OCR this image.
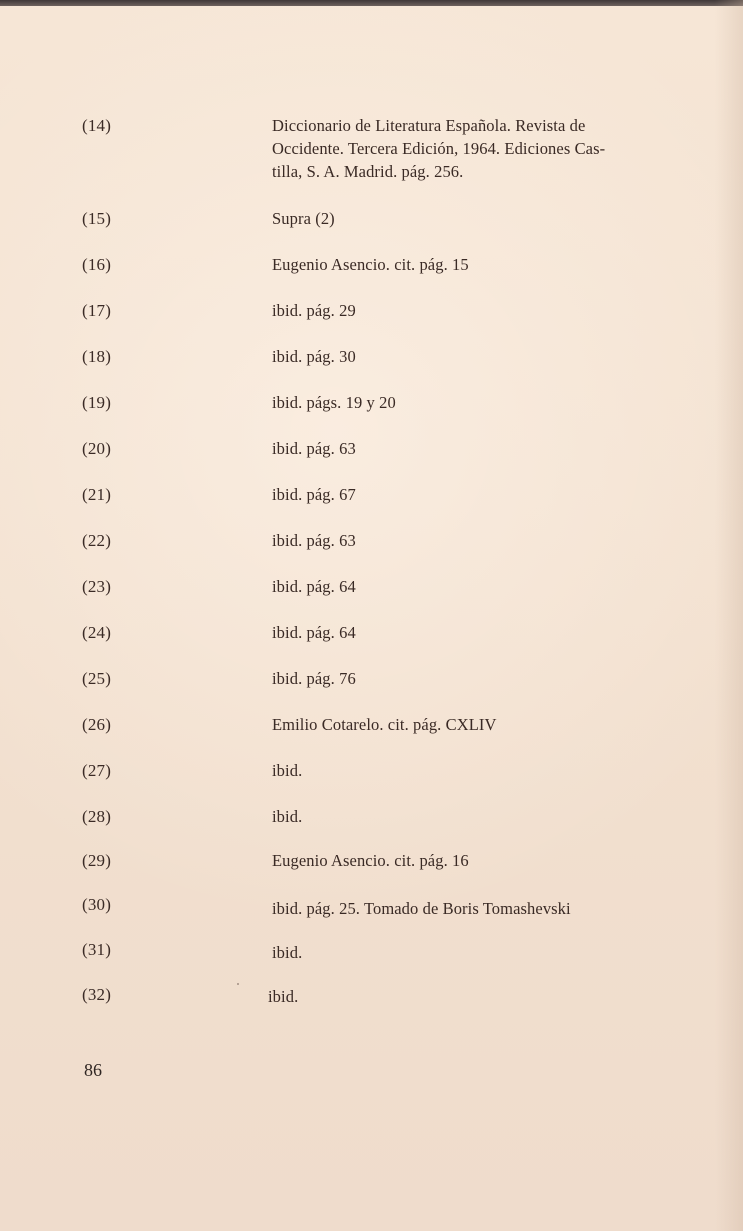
(14)	Diccionario de Literatura Española. Revista de
Occidente. Tercera Edición, 1964. Ediciones Cas-
tilla, S. A. Madrid. pág. 256.
(15)	Supra (2)
(16)	Eugenio Asencio. cit. pág. 15
(17)	ibid. pág. 29
(18)	ibid. pág. 30
(19)	ibid. págs. 19 y 20
(20)	ibid. pág. 63
(21)	ibid. pág. 67
(22)	ibid. pág. 63
(23)	ibid. pág. 64
(24)	ibid. pág. 64
(25)	ibid. pág. 76
(26)	Emilio Cotarelo. cit. pág. CXLIV
(27)	ibid.
(28)	ibid.
(29)	Eugenio Asencio. cit. pág. 16
(30)	ibid. pág. 25. Tomado de Boris Tomashevski
(31)	ibid.
(32)	ibid.
86
